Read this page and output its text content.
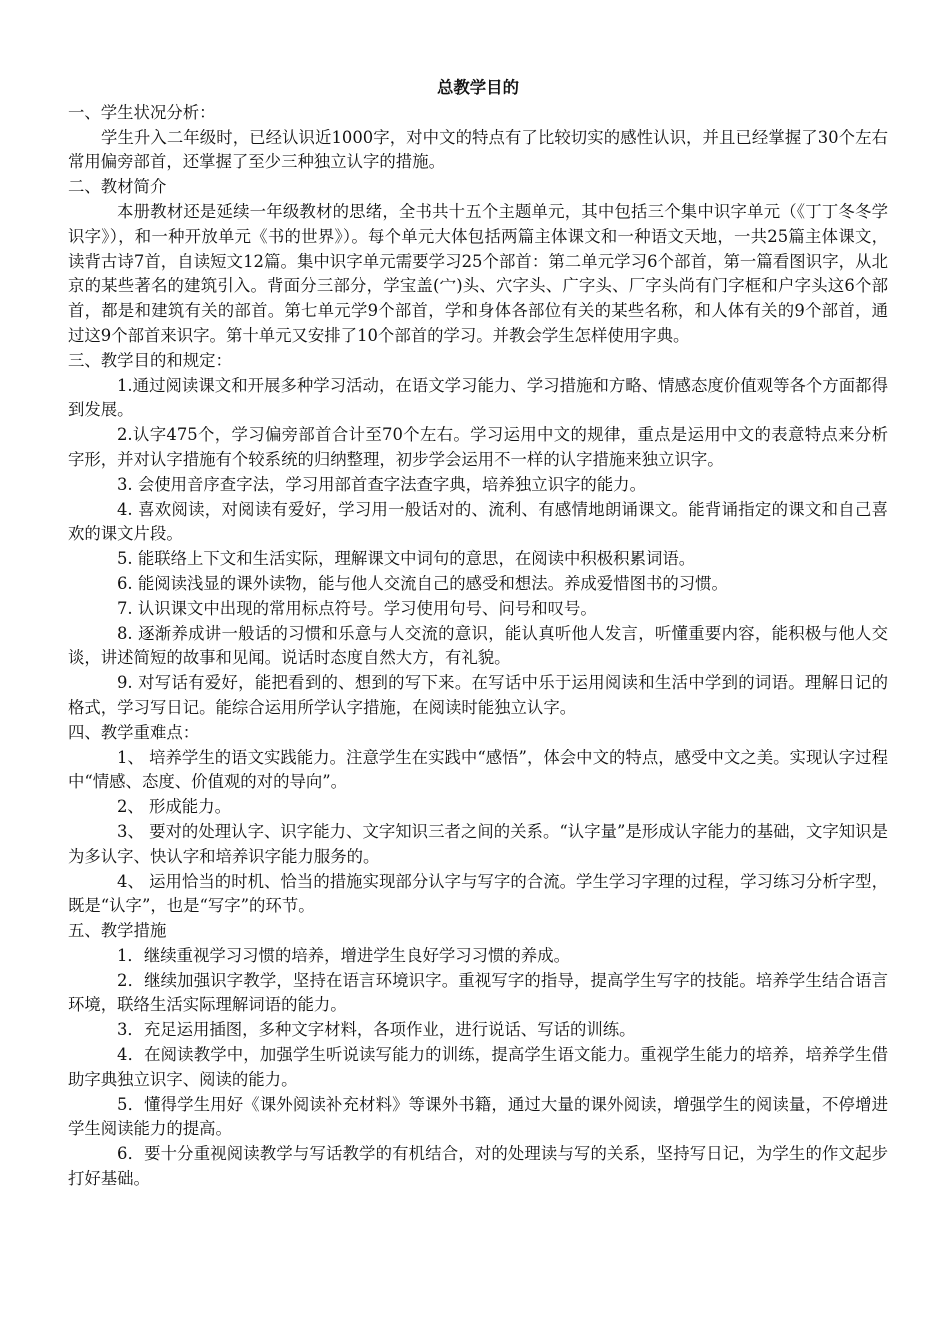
总教学目的

一、学生状况分析：

学生升入二年级时，已经认识近1000字，对中文的特点有了比较切实的感性认识，并且已经掌握了30个左右常用偏旁部首，还掌握了至少三种独立认字的措施。

二、教材简介

本册教材还是延续一年级教材的思绪，全书共十五个主题单元，其中包括三个集中识字单元（《丁丁冬冬学识字》），和一种开放单元《书的世界》）。每个单元大体包括两篇主体课文和一种语文天地，一共25篇主体课文，读背古诗7首，自读短文12篇。集中识字单元需要学习25个部首：第二单元学习6个部首，第一篇看图识字，从北京的某些著名的建筑引入。背面分三部分，学宝盖(宀)头、穴字头、广字头、厂字头尚有门字框和户字头这6个部首，都是和建筑有关的部首。第七单元学9个部首，学和身体各部位有关的某些名称，和人体有关的9个部首，通过这9个部首来识字。第十单元又安排了10个部首的学习。并教会学生怎样使用字典。

三、教学目的和规定：

1.通过阅读课文和开展多种学习活动，在语文学习能力、学习措施和方略、情感态度价值观等各个方面都得到发展。

2.认字475个，学习偏旁部首合计至70个左右。学习运用中文的规律，重点是运用中文的表意特点来分析字形，并对认字措施有个较系统的归纳整理，初步学会运用不一样的认字措施来独立识字。

3. 会使用音序查字法，学习用部首查字法查字典，培养独立识字的能力。

4. 喜欢阅读，对阅读有爱好，学习用一般话对的、流利、有感情地朗诵课文。能背诵指定的课文和自己喜欢的课文片段。

5. 能联络上下文和生活实际，理解课文中词句的意思，在阅读中积极积累词语。

6. 能阅读浅显的课外读物，能与他人交流自己的感受和想法。养成爱惜图书的习惯。

7. 认识课文中出现的常用标点符号。学习使用句号、问号和叹号。

8. 逐渐养成讲一般话的习惯和乐意与人交流的意识，能认真听他人发言，听懂重要内容，能积极与他人交谈，讲述简短的故事和见闻。说话时态度自然大方，有礼貌。

9. 对写话有爱好，能把看到的、想到的写下来。在写话中乐于运用阅读和生活中学到的词语。理解日记的格式，学习写日记。能综合运用所学认字措施，在阅读时能独立认字。

四、教学重难点：

1、 培养学生的语文实践能力。注意学生在实践中“感悟”，体会中文的特点，感受中文之美。实现认字过程中“情感、态度、价值观的对的导向”。

2、 形成能力。

3、 要对的处理认字、识字能力、文字知识三者之间的关系。“认字量”是形成认字能力的基础，文字知识是为多认字、快认字和培养识字能力服务的。

4、 运用恰当的时机、恰当的措施实现部分认字与写字的合流。学生学习字理的过程，学习练习分析字型，既是“认字”，也是“写字”的环节。

五、教学措施

1．继续重视学习习惯的培养，增进学生良好学习习惯的养成。

2．继续加强识字教学，坚持在语言环境识字。重视写字的指导，提高学生写字的技能。培养学生结合语言环境，联络生活实际理解词语的能力。

3．充足运用插图，多种文字材料，各项作业，进行说话、写话的训练。

4．在阅读教学中，加强学生听说读写能力的训练，提高学生语文能力。重视学生能力的培养，培养学生借助字典独立识字、阅读的能力。

5．懂得学生用好《课外阅读补充材料》等课外书籍，通过大量的课外阅读，增强学生的阅读量，不停增进学生阅读能力的提高。

6．要十分重视阅读教学与写话教学的有机结合，对的处理读与写的关系，坚持写日记，为学生的作文起步打好基础。
